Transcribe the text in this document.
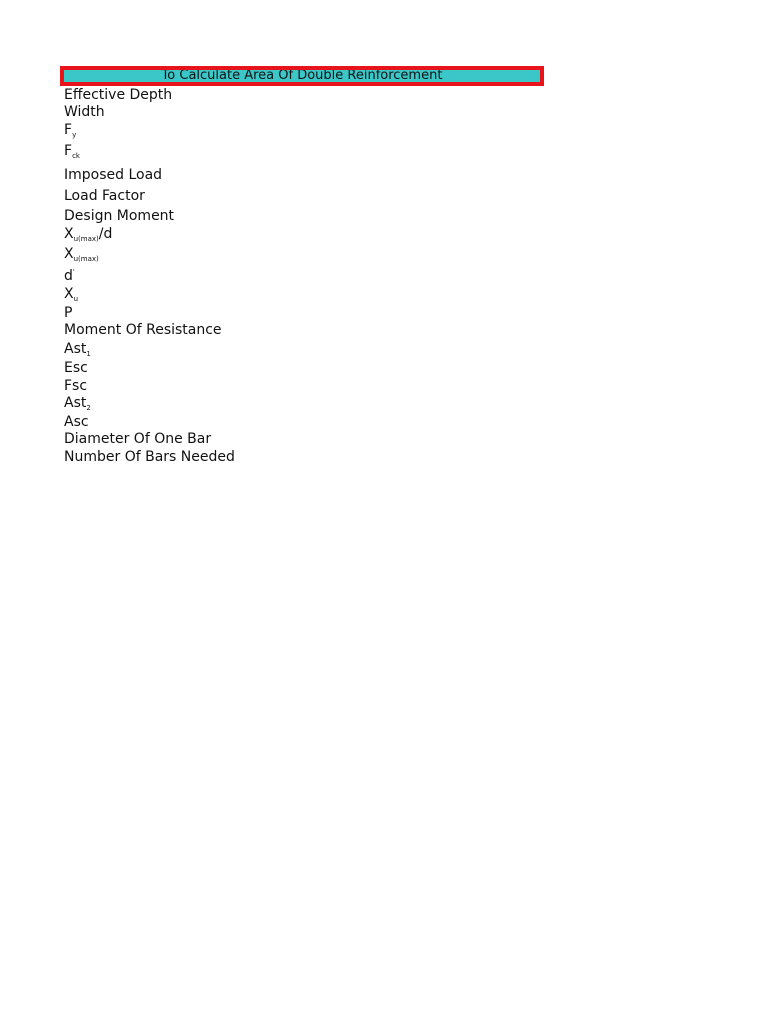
To Calculate Area Of Double Reinforcement
Effective Depth
Width
$F_y$
$F_{ck}$
Imposed Load
Load Factor
Design Moment
$X_{u(max)}/d$
$X_{u(max)}$
d'
$X_u$
P
Moment Of Resistance
Ast$_1$
Esc
Fsc
Ast$_2$
Asc
Diameter Of One Bar
Number Of Bars Needed
